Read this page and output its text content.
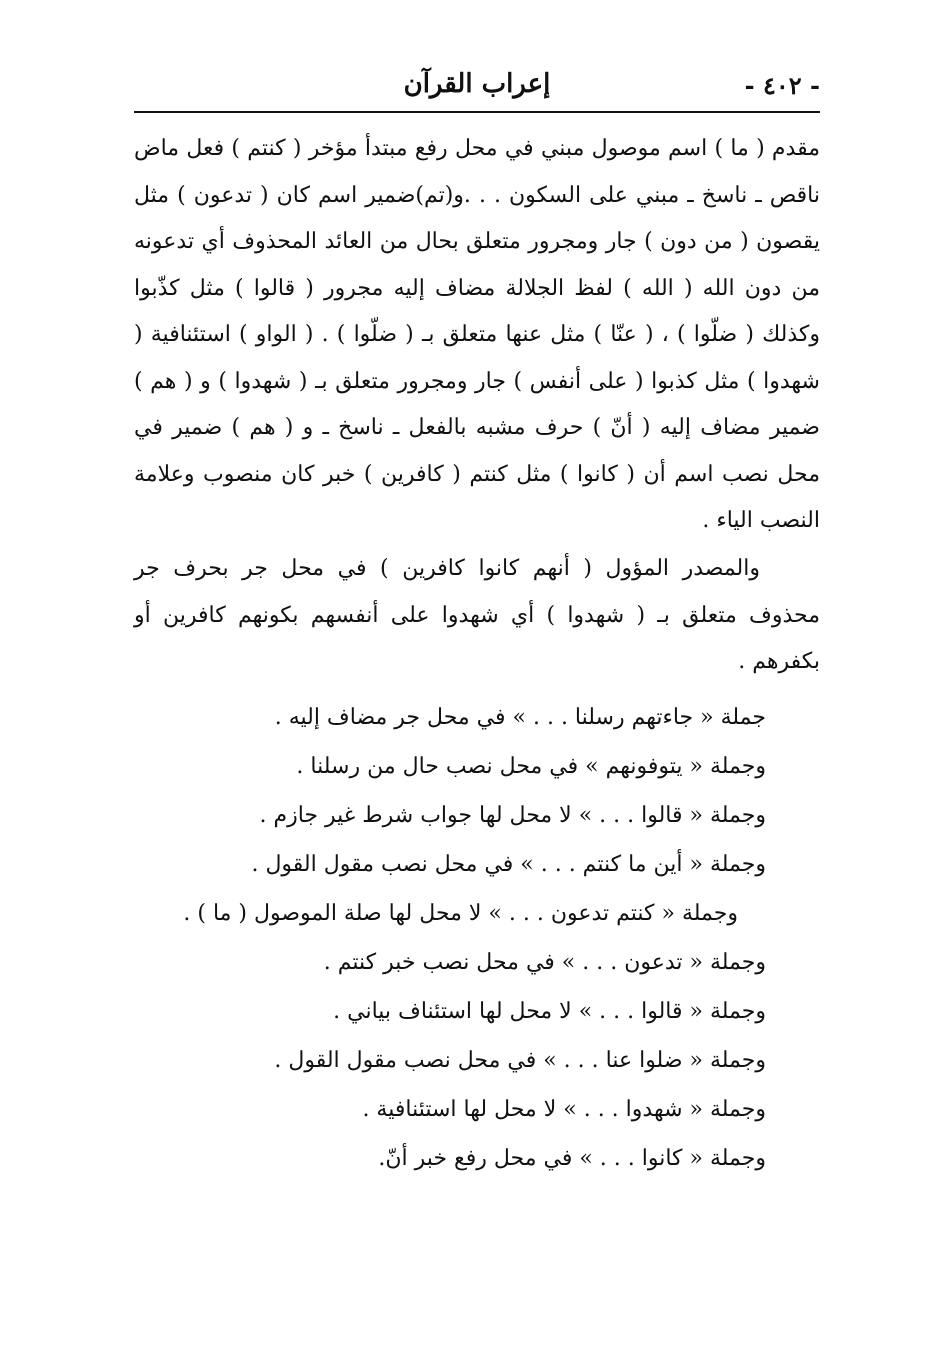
- ٤٠٢ -
إعراب القرآن

مقدم ( ما ) اسم موصول مبني في محل رفع مبتدأ مؤخر ( كنتم ) فعل ماض ناقص ـ ناسخ ـ مبني على السكون . . .و(تم)ضمير اسم كان ( تدعون ) مثل يقصون ( من دون ) جار ومجرور متعلق بحال من العائد المحذوف أي تدعونه من دون الله ( الله ) لفظ الجلالة مضاف إليه مجرور ( قالوا ) مثل كذّبوا وكذلك ( ضلّوا ) ، ( عنّا ) مثل عنها متعلق بـ ( ضلّوا ) . ( الواو ) استئنافية ( شهدوا ) مثل كذبوا ( على أنفس ) جار ومجرور متعلق بـ ( شهدوا ) و ( هم ) ضمير مضاف إليه ( أنّ ) حرف مشبه بالفعل ـ ناسخ ـ و ( هم ) ضمير في محل نصب اسم أن ( كانوا ) مثل كنتم ( كافرين ) خبر كان منصوب وعلامة النصب الياء .

والمصدر المؤول ( أنهم كانوا كافرين ) في محل جر بحرف جر محذوف متعلق بـ ( شهدوا ) أي شهدوا على أنفسهم بكونهم كافرين أو بكفرهم .

جملة « جاءتهم رسلنا . . . » في محل جر مضاف إليه .
وجملة « يتوفونهم » في محل نصب حال من رسلنا .
وجملة « قالوا . . . » لا محل لها جواب شرط غير جازم .
وجملة « أين ما كنتم . . . » في محل نصب مقول القول .
وجملة « كنتم تدعون . . . » لا محل لها صلة الموصول ( ما ) .
وجملة « تدعون . . . » في محل نصب خبر كنتم .
وجملة « قالوا . . . » لا محل لها استئناف بياني .
وجملة « ضلوا عنا . . . » في محل نصب مقول القول .
وجملة « شهدوا . . . » لا محل لها استئنافية .
وجملة « كانوا . . . » في محل رفع خبر أنّ.
